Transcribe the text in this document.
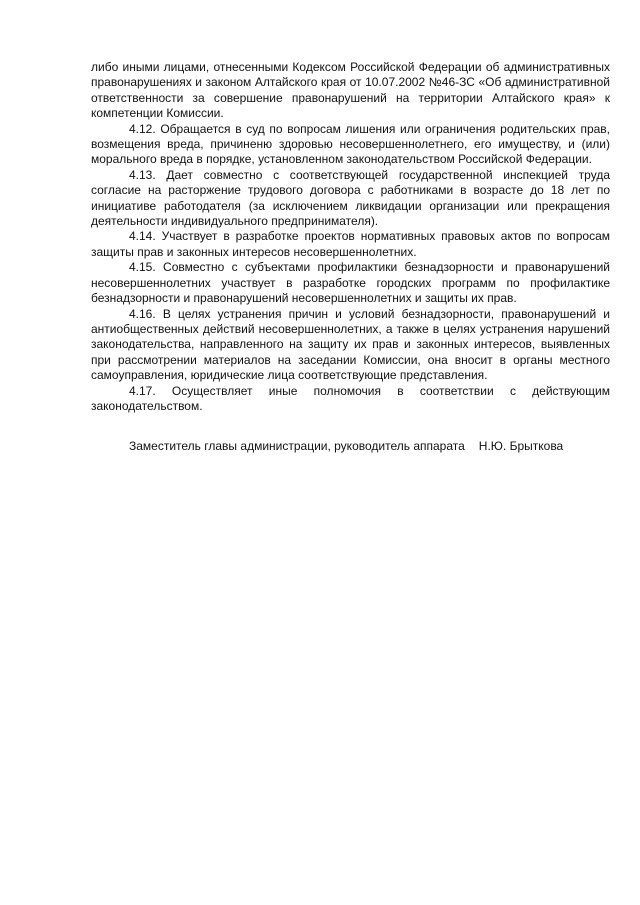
либо иными лицами, отнесенными Кодексом Российской Федерации об административных правонарушениях и законом Алтайского края от 10.07.2002 №46-ЗС «Об административной ответственности за совершение правонарушений на территории Алтайского края» к компетенции Комиссии.

4.12. Обращается в суд по вопросам лишения или ограничения родительских прав, возмещения вреда, причиненю здоровью несовершеннолетнего, его имуществу, и (или) морального вреда в порядке, установленном законодательством Российской Федерации.

4.13. Дает совместно с соответствующей государственной инспекцией труда согласие на расторжение трудового договора с работниками в возрасте до 18 лет по инициативе работодателя (за исключением ликвидации организации или прекращения деятельности индивидуального предпринимателя).

4.14. Участвует в разработке проектов нормативных правовых актов по вопросам защиты прав и законных интересов несовершеннолетних.

4.15. Совместно с субъектами профилактики безнадзорности и правонарушений несовершеннолетних участвует в разработке городских программ по профилактике безнадзорности и правонарушений несовершеннолетних и защиты их прав.

4.16. В целях устранения причин и условий безнадзорности, правонарушений и антиобщественных действий несовершеннолетних, а также в целях устранения нарушений законодательства, направленного на защиту их прав и законных интересов, выявленных при рассмотрении материалов на заседании Комиссии, она вносит в органы местного самоуправления, юридические лица соответствующие представления.

4.17. Осуществляет иные полномочия в соответствии с действующим законодательством.

Заместитель главы администрации, руководитель аппарата Н.Ю. Брыткова
